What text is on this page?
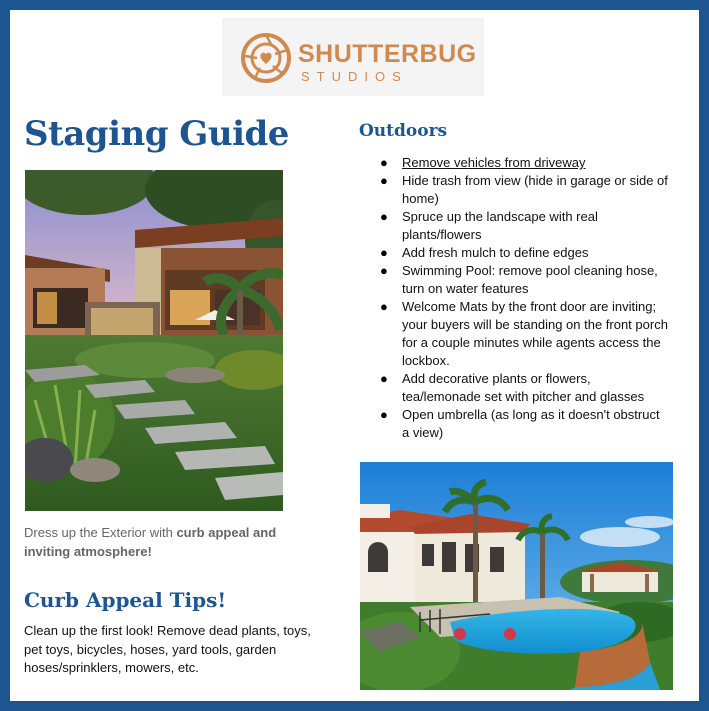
SHUTTERBUG
STUDIOS
Staging Guide
Dress up the Exterior with curb appeal and inviting atmosphere!
Curb Appeal Tips!
Clean up the first look! Remove dead plants, toys, pet toys, bicycles, hoses, yard tools, garden hoses/sprinklers, mowers, etc.
Outdoors
● Remove vehicles from driveway
● Hide trash from view (hide in garage or side of home)
● Spruce up the landscape with real plants/flowers
● Add fresh mulch to define edges
● Swimming Pool: remove pool cleaning hose, turn on water features
● Welcome Mats by the front door are inviting; your buyers will be standing on the front porch for a couple minutes while agents access the lockbox.
● Add decorative plants or flowers, tea/lemonade set with pitcher and glasses
● Open umbrella (as long as it doesn't obstruct a view)
